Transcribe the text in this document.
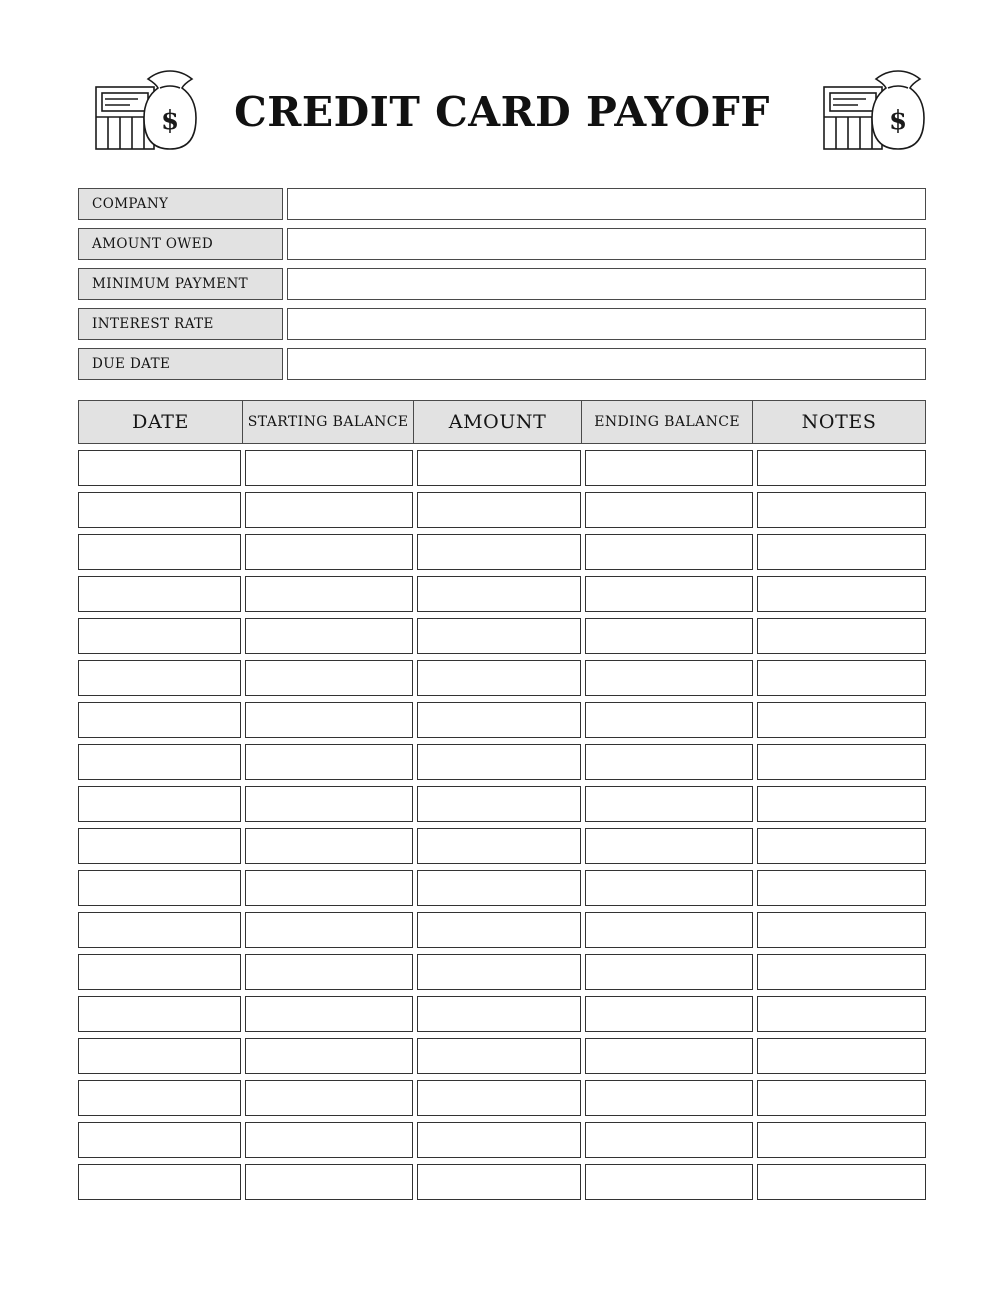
$	CREDIT CARD PAYOFF	$
COMPANY
AMOUNT OWED
MINIMUM PAYMENT
INTEREST RATE
DUE DATE
DATE	STARTING BALANCE	AMOUNT	ENDING BALANCE	NOTES
